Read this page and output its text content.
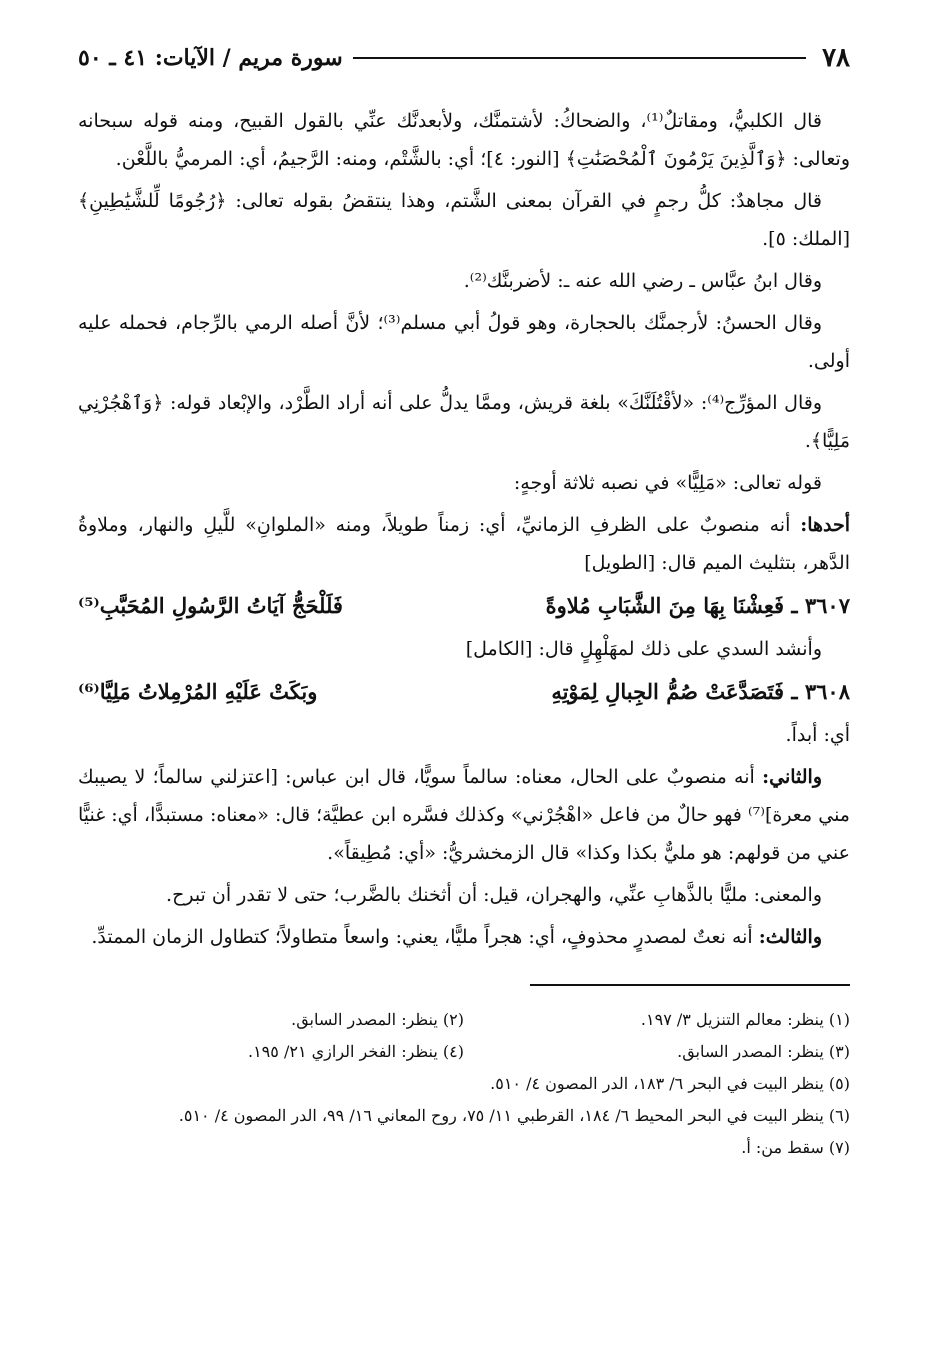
٧٨
سورة مريم / الآيات: ٤١ ـ ٥٠

قال الكلبيُّ، ومقاتلٌ⁽¹⁾، والضحاكُ: لأشتمنَّك، ولأبعدنَّك عنِّي بالقول القبيح، ومنه قوله سبحانه وتعالى: ﴿وَٱلَّذِينَ يَرْمُونَ ٱلْمُحْصَنَٰتِ﴾ [النور: ٤]؛ أي: بالشَّتْم، ومنه: الرَّجيمُ، أي: المرميُّ باللَّعْن.

قال مجاهدٌ: كلُّ رجمٍ في القرآن بمعنى الشَّتم، وهذا ينتقضُ بقوله تعالى: ﴿رُجُومًا لِّلشَّيَٰطِينِ﴾ [الملك: ٥].

وقال ابنُ عبَّاس ـ رضي الله عنه ـ: لأضربنَّك⁽²⁾.

وقال الحسنُ: لأرجمنَّك بالحجارة، وهو قولُ أبي مسلم⁽³⁾؛ لأنَّ أصله الرمي بالرِّجام، فحمله عليه أولى.

وقال المؤرِّج⁽⁴⁾: «لأقْتُلَنَّكَ» بلغة قريش، وممَّا يدلُّ على أنه أراد الطَّرْد، والإبْعاد قوله: ﴿وَٱهْجُرْنِي مَلِيًّا﴾.

قوله تعالى: «مَلِيًّا» في نصبه ثلاثة أوجهٍ:

أحدها: أنه منصوبٌ على الظرفِ الزمانيِّ، أي: زمناً طويلاً، ومنه «الملوانِ» للَّيلِ والنهار، وملاوةُ الدَّهر، بتثليث الميم قال: [الطويل]

٣٦٠٧ ـ فَعِشْنَا بِهَا مِنَ الشَّبَابِ مُلاوةً
فَلَلْحَجُّ آيَاتُ الرَّسُولِ المُحَبَّبِ⁽⁵⁾

وأنشد السدي على ذلك لمهَلْهِلٍ قال: [الكامل]

٣٦٠٨ ـ فَتَصَدَّعَتْ صُمُّ الجِبالِ لِمَوْتِهِ
وبَكَتْ عَلَيْهِ المُرْمِلاتُ مَلِيَّا⁽⁶⁾

أي: أبداً.

والثاني: أنه منصوبٌ على الحال، معناه: سالماً سويًّا، قال ابن عباس: [اعتزلني سالماً؛ لا يصيبك مني معرة]⁽⁷⁾ فهو حالٌ من فاعل «اهْجُرْني» وكذلك فسَّره ابن عطيَّة؛ قال: «معناه: مستبدًّا، أي: غنيًّا عني من قولهم: هو مليٌّ بكذا وكذا» قال الزمخشريُّ: «أي: مُطِيقاً».

والمعنى: مليًّا بالذَّهابِ عنِّي، والهجران، قيل: أن أثخنك بالضَّرب؛ حتى لا تقدر أن تبرح.

والثالث: أنه نعتٌ لمصدرٍ محذوفٍ، أي: هجراً مليًّا، يعني: واسعاً متطاولاً؛ كتطاول الزمان الممتدِّ.

(١) ينظر: معالم التنزيل ٣/ ١٩٧.
(٢) ينظر: المصدر السابق.
(٣) ينظر: المصدر السابق.
(٤) ينظر: الفخر الرازي ٢١/ ١٩٥.
(٥) ينظر البيت في البحر ٦/ ١٨٣، الدر المصون ٤/ ٥١٠.
(٦) ينظر البيت في البحر المحيط ٦/ ١٨٤، القرطبي ١١/ ٧٥، روح المعاني ١٦/ ٩٩، الدر المصون ٤/ ٥١٠.
(٧) سقط من: أ.
